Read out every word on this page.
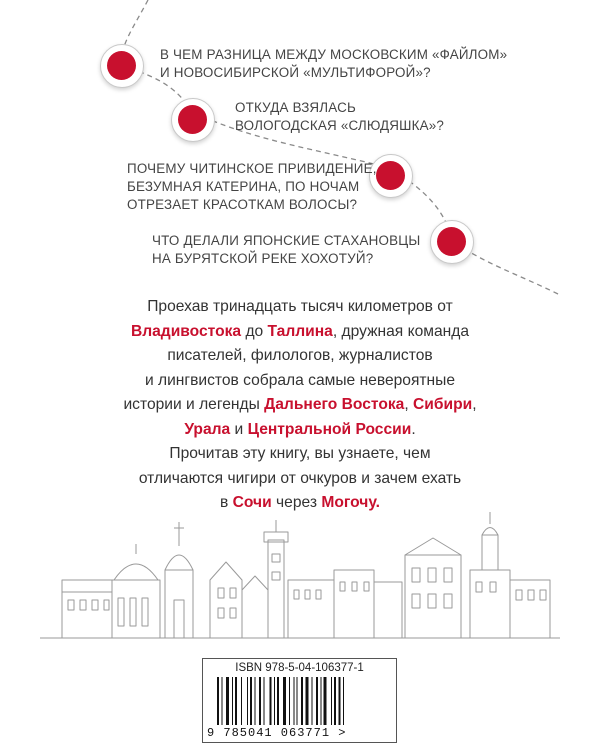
В ЧЕМ РАЗНИЦА МЕЖДУ МОСКОВСКИМ «ФАЙЛОМ»
И НОВОСИБИРСКОЙ «МУЛЬТИФОРОЙ»?
ОТКУДА ВЗЯЛАСЬ
ВОЛОГОДСКАЯ «СЛЮДЯШКА»?
ПОЧЕМУ ЧИТИНСКОЕ ПРИВИДЕНИЕ,
БЕЗУМНАЯ КАТЕРИНА, ПО НОЧАМ
ОТРЕЗАЕТ КРАСОТКАМ ВОЛОСЫ?
ЧТО ДЕЛАЛИ ЯПОНСКИЕ СТАХАНОВЦЫ
НА БУРЯТСКОЙ РЕКЕ ХОХОТУЙ?
Проехав тринадцать тысяч километров от
Владивостока до Таллина, дружная команда
писателей, филологов, журналистов
и лингвистов собрала самые невероятные
истории и легенды Дальнего Востока, Сибири,
Урала и Центральной России.
Прочитав эту книгу, вы узнаете, чем
отличаются чигири от очкуров и зачем ехать
в Сочи через Могочу.
ISBN 978-5-04-106377-1
9 785041 063771 >
